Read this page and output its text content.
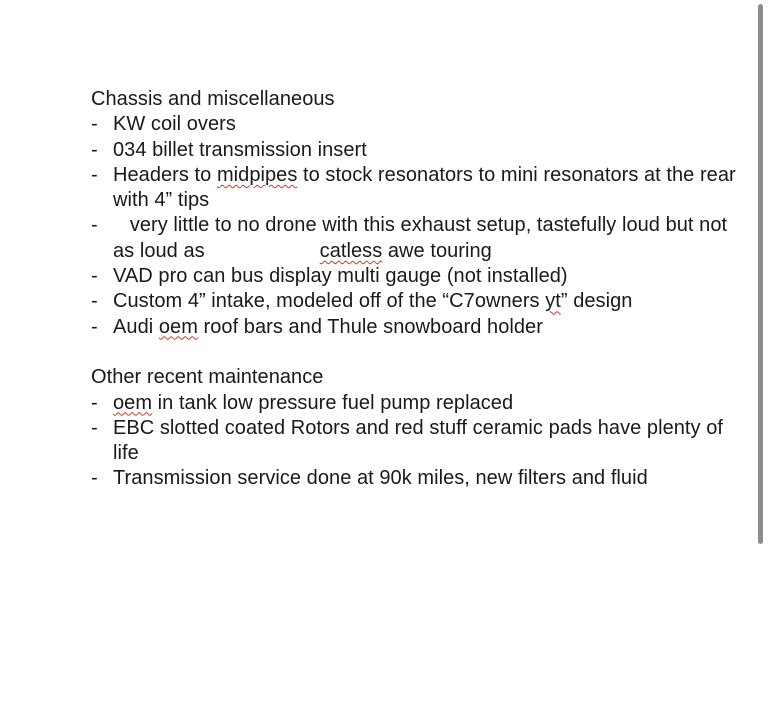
Chassis and miscellaneous
- KW coil overs
- 034 billet transmission insert
- Headers to midpipes to stock resonators to mini resonators at the rear with 4” tips
- very little to no drone with this exhaust setup, tastefully loud but not as loud as	catless awe touring
- VAD pro can bus display multi gauge (not installed)
- Custom 4” intake, modeled off of the “C7owners yt” design
- Audi oem roof bars and Thule snowboard holder
Other recent maintenance
- oem in tank low pressure fuel pump replaced
- EBC slotted coated Rotors and red stuff ceramic pads have plenty of life
- Transmission service done at 90k miles, new filters and fluid
